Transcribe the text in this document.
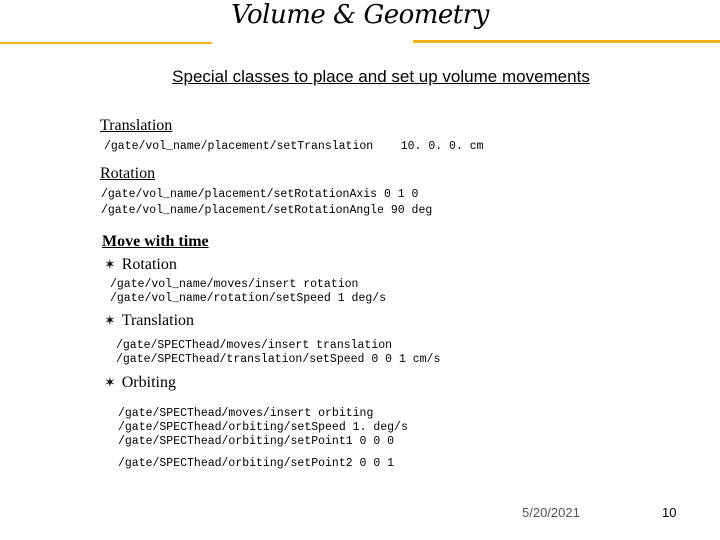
Volume & Geometry
Special classes to place and set up volume movements
Translation
/gate/vol_name/placement/setTranslation    10. 0. 0. cm
Rotation
/gate/vol_name/placement/setRotationAxis 0 1 0
/gate/vol_name/placement/setRotationAngle 90 deg
Move with time
✶ Rotation
/gate/vol_name/moves/insert rotation
/gate/vol_name/rotation/setSpeed 1 deg/s
✶ Translation
/gate/SPECThead/moves/insert translation
/gate/SPECThead/translation/setSpeed 0 0 1 cm/s
✶ Orbiting
/gate/SPECThead/moves/insert orbiting
/gate/SPECThead/orbiting/setSpeed 1. deg/s
/gate/SPECThead/orbiting/setPoint1 0 0 0
/gate/SPECThead/orbiting/setPoint2 0 0 1
5/20/2021	10
